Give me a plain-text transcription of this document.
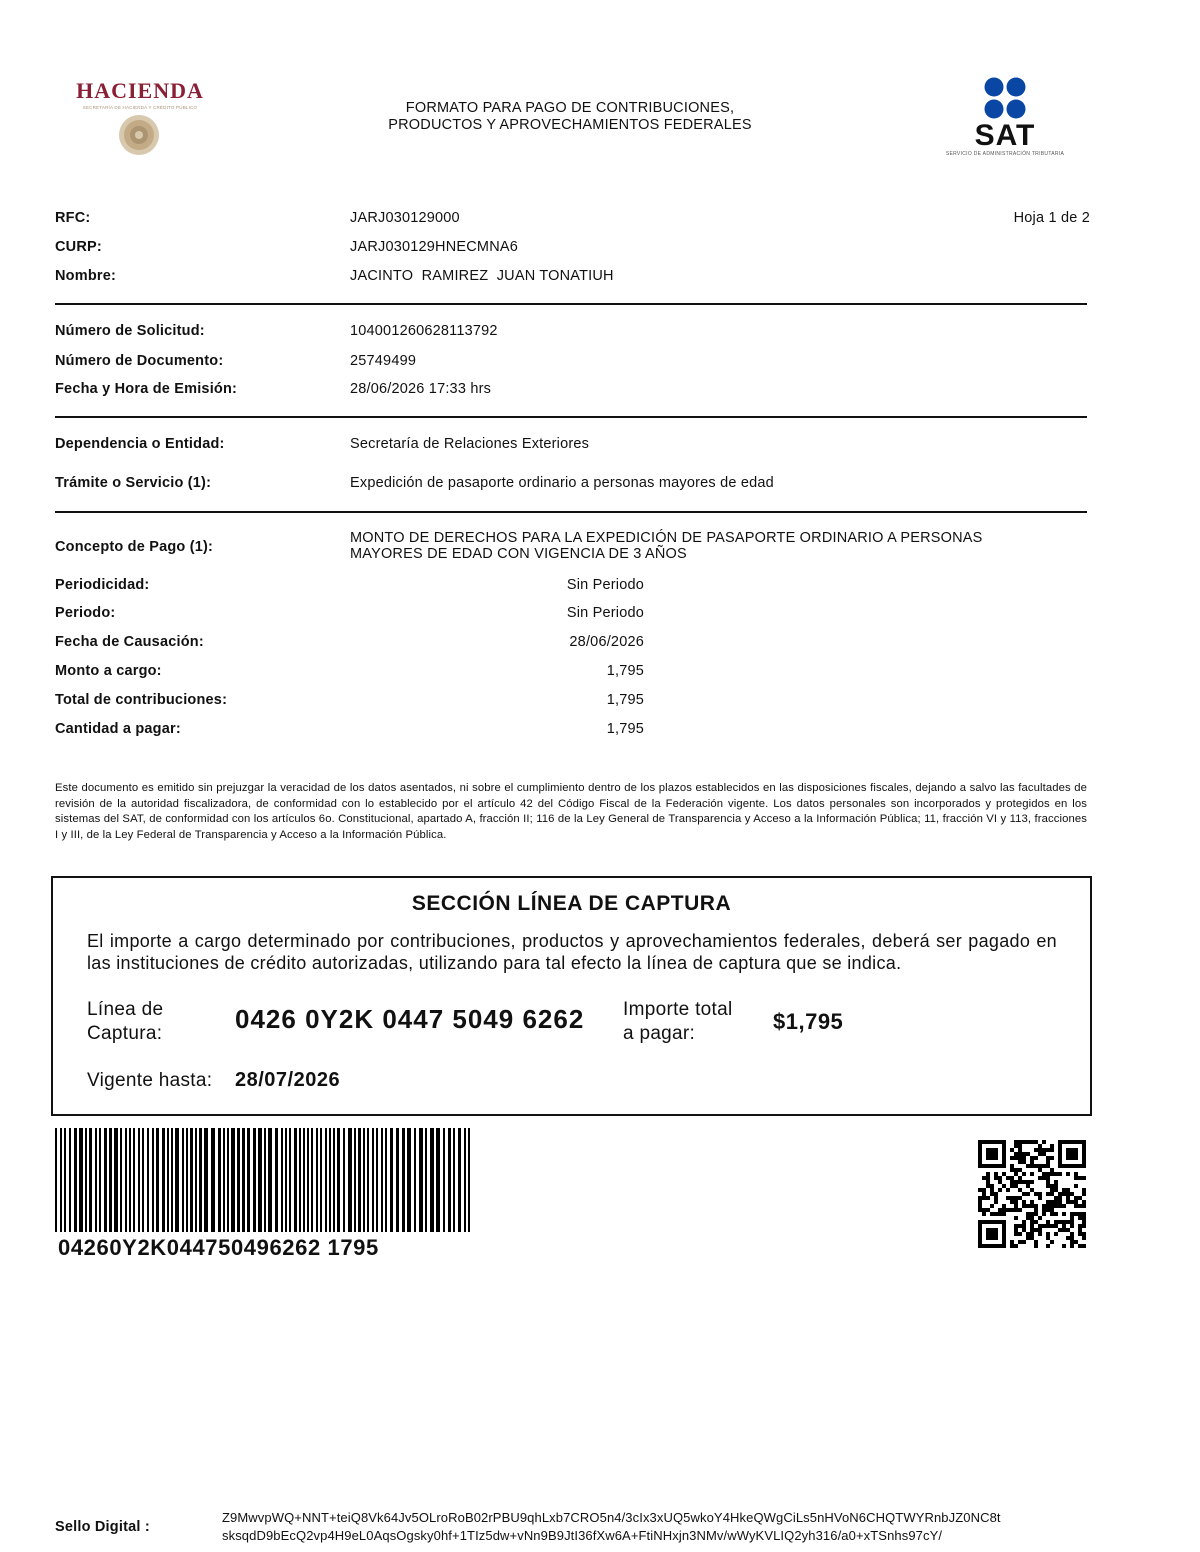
HACIENDA
SECRETARÍA DE HACIENDA Y CRÉDITO PÚBLICO	FORMATO PARA PAGO DE CONTRIBUCIONES,
PRODUCTOS Y APROVECHAMIENTOS FEDERALES	SAT
SERVICIO DE ADMINISTRACIÓN TRIBUTARIA
RFC:	JARJ030129000	Hoja 1 de 2
CURP:	JARJ030129HNECMNA6
Nombre:	JACINTO  RAMIREZ  JUAN TONATIUH
Número de Solicitud:	104001260628113792
Número de Documento:	25749499
Fecha y Hora de Emisión:	28/06/2026 17:33 hrs
Dependencia o Entidad:	Secretaría de Relaciones Exteriores
Trámite o Servicio (1):	Expedición de pasaporte ordinario a personas mayores de edad
Concepto de Pago (1):
MONTO DE DERECHOS PARA LA EXPEDICIÓN DE PASAPORTE ORDINARIO A PERSONAS
MAYORES DE EDAD CON VIGENCIA DE 3 AÑOS
Periodicidad:	Sin Periodo
Periodo:	Sin Periodo
Fecha de Causación:	28/06/2026
Monto a cargo:	1,795
Total de contribuciones:	1,795
Cantidad a pagar:	1,795
Este documento es emitido sin prejuzgar la veracidad de los datos asentados, ni sobre el cumplimiento dentro de los plazos establecidos en las disposiciones fiscales, dejando a salvo las facultades de revisión de la autoridad fiscalizadora, de conformidad con lo establecido por el artículo 42 del Código Fiscal de la Federación vigente. Los datos personales son incorporados y protegidos en los sistemas del SAT, de conformidad con los artículos 6o. Constitucional, apartado A, fracción II; 116 de la Ley General de Transparencia y Acceso a la Información Pública; 11, fracción VI y 113, fracciones I y III, de la Ley Federal de Transparencia y Acceso a la Información Pública.
SECCIÓN LÍNEA DE CAPTURA
El importe a cargo determinado por contribuciones, productos y aprovechamientos federales, deberá ser pagado en las instituciones de crédito autorizadas, utilizando para tal efecto la línea de captura que se indica.
Línea de
Captura:	0426 0Y2K 0447 5049 6262 Importe total
a pagar:	$1,795
Vigente hasta: 28/07/2026
04260Y2K044750496262 1795
Sello Digital :
Z9MwvpWQ+NNT+teiQ8Vk64Jv5OLroRoB02rPBU9qhLxb7CRO5n4/3cIx3xUQ5wkoY4HkeQWgCiLs5nHVoN6CHQTWYRnbJZ0NC8t
sksqdD9bEcQ2vp4H9eL0AqsOgsky0hf+1TIz5dw+vNn9B9JtI36fXw6A+FtiNHxjn3NMv/wWyKVLIQ2yh316/a0+xTSnhs97cY/
